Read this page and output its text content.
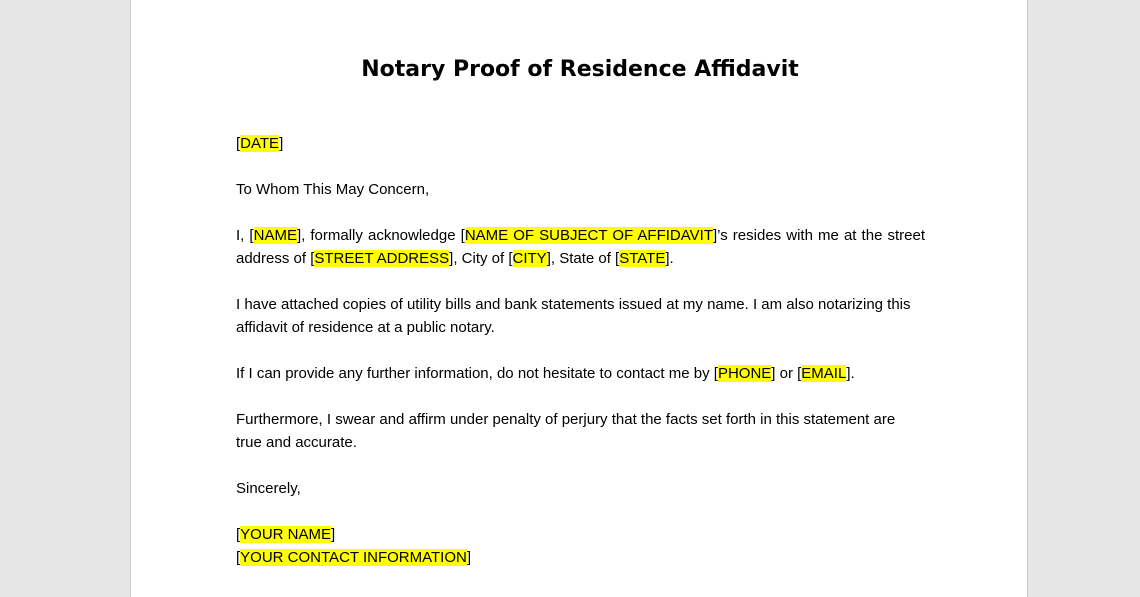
Notary Proof of Residence Affidavit

[DATE]

To Whom This May Concern,

I, [NAME], formally acknowledge [NAME OF SUBJECT OF AFFIDAVIT]’s resides with me at the street address of [STREET ADDRESS], City of [CITY], State of [STATE].

I have attached copies of utility bills and bank statements issued at my name. I am also notarizing this affidavit of residence at a public notary.

If I can provide any further information, do not hesitate to contact me by [PHONE] or [EMAIL].

Furthermore, I swear and affirm under penalty of perjury that the facts set forth in this statement are true and accurate.

Sincerely,

[YOUR NAME]

[YOUR CONTACT INFORMATION]
